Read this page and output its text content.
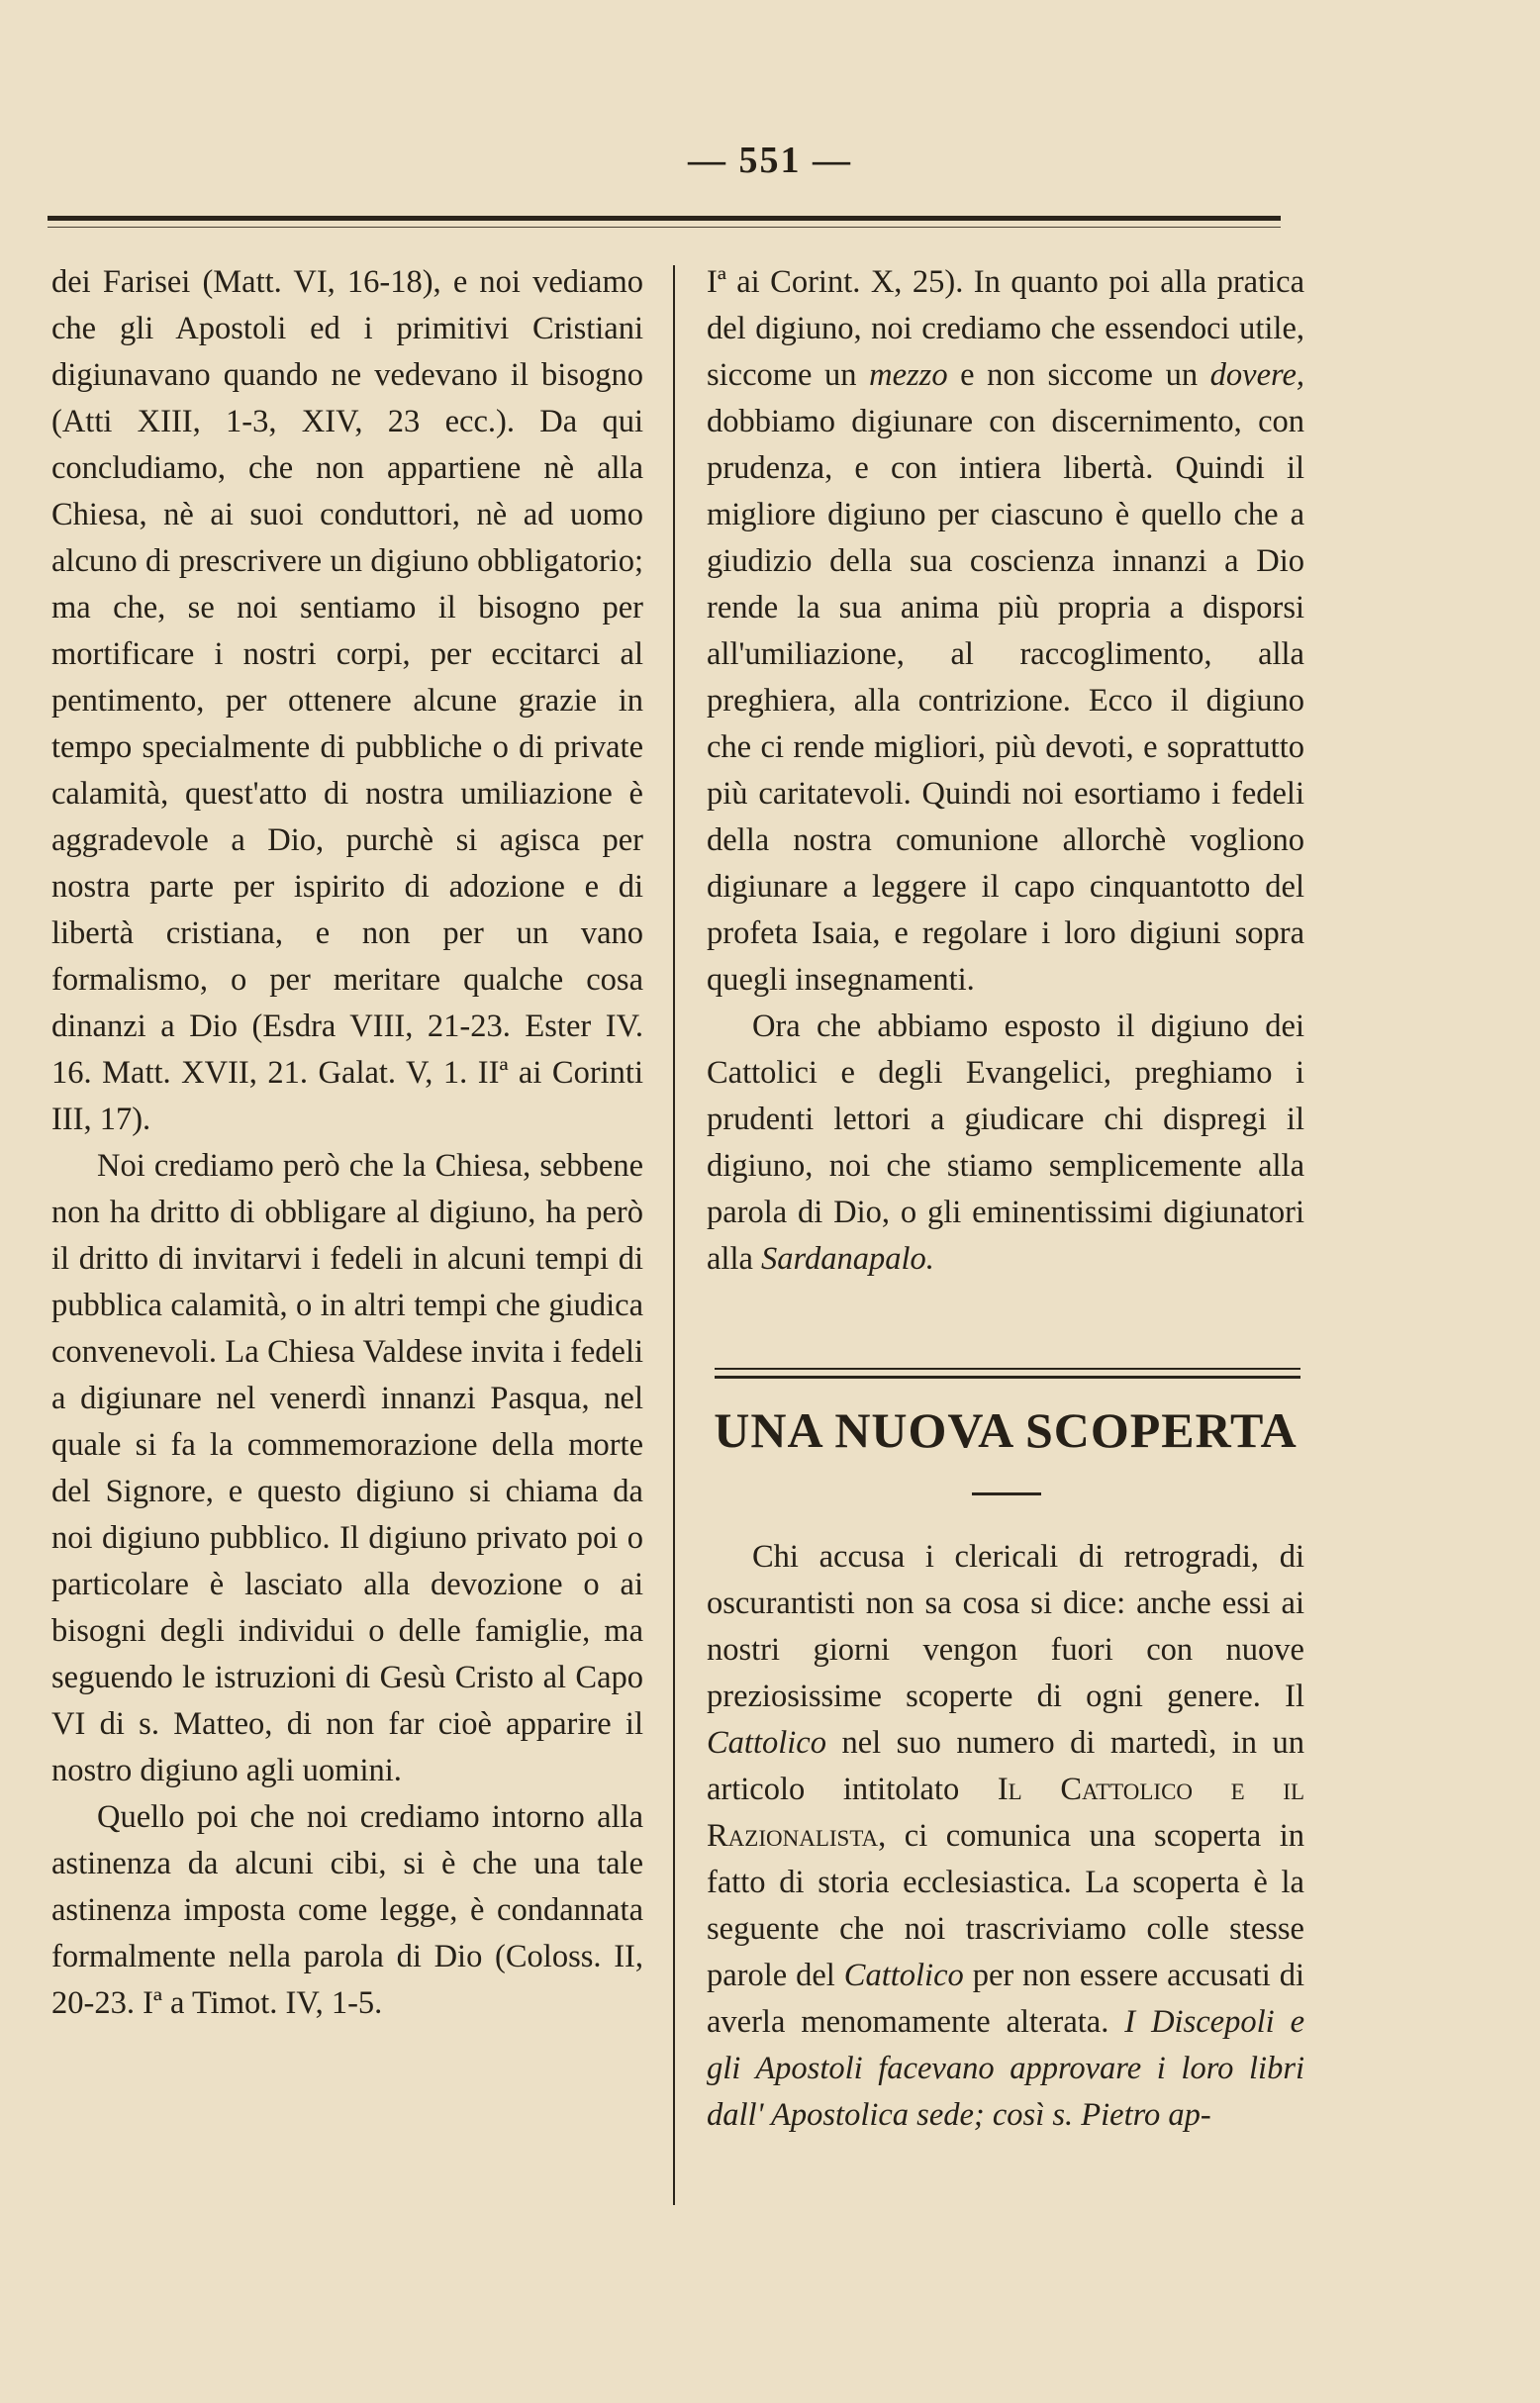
— 551 —

dei Farisei (Matt. VI, 16-18), e noi vediamo che gli Apostoli ed i primitivi Cristiani digiunavano quando ne vedevano il bisogno (Atti XIII, 1-3, XIV, 23 ecc.). Da qui concludiamo, che non appartiene nè alla Chiesa, nè ai suoi conduttori, nè ad uomo alcuno di prescrivere un digiuno obbligatorio; ma che, se noi sentiamo il bisogno per mortificare i nostri corpi, per eccitarci al pentimento, per ottenere alcune grazie in tempo specialmente di pubbliche o di private calamità, quest'atto di nostra umiliazione è aggradevole a Dio, purchè si agisca per nostra parte per ispirito di adozione e di libertà cristiana, e non per un vano formalismo, o per meritare qualche cosa dinanzi a Dio (Esdra VIII, 21-23. Ester IV. 16. Matt. XVII, 21. Galat. V, 1. IIª ai Corinti III, 17).

Noi crediamo però che la Chiesa, sebbene non ha dritto di obbligare al digiuno, ha però il dritto di invitarvi i fedeli in alcuni tempi di pubblica calamità, o in altri tempi che giudica convenevoli. La Chiesa Valdese invita i fedeli a digiunare nel venerdì innanzi Pasqua, nel quale si fa la commemorazione della morte del Signore, e questo digiuno si chiama da noi digiuno pubblico. Il digiuno privato poi o particolare è lasciato alla devozione o ai bisogni degli individui o delle famiglie, ma seguendo le istruzioni di Gesù Cristo al Capo VI di s. Matteo, di non far cioè apparire il nostro digiuno agli uomini.

Quello poi che noi crediamo intorno alla astinenza da alcuni cibi, si è che una tale astinenza imposta come legge, è condannata formalmente nella parola di Dio (Coloss. II, 20-23. Iª a Timot. IV, 1-5.

Iª ai Corint. X, 25). In quanto poi alla pratica del digiuno, noi crediamo che essendoci utile, siccome un mezzo e non siccome un dovere, dobbiamo digiunare con discernimento, con prudenza, e con intiera libertà. Quindi il migliore digiuno per ciascuno è quello che a giudizio della sua coscienza innanzi a Dio rende la sua anima più propria a disporsi all'umiliazione, al raccoglimento, alla preghiera, alla contrizione. Ecco il digiuno che ci rende migliori, più devoti, e soprattutto più caritatevoli. Quindi noi esortiamo i fedeli della nostra comunione allorchè vogliono digiunare a leggere il capo cinquantotto del profeta Isaia, e regolare i loro digiuni sopra quegli insegnamenti.

Ora che abbiamo esposto il digiuno dei Cattolici e degli Evangelici, preghiamo i prudenti lettori a giudicare chi dispregi il digiuno, noi che stiamo semplicemente alla parola di Dio, o gli eminentissimi digiunatori alla Sardanapalo.

UNA NUOVA SCOPERTA

Chi accusa i clericali di retrogradi, di oscurantisti non sa cosa si dice: anche essi ai nostri giorni vengon fuori con nuove preziosissime scoperte di ogni genere. Il Cattolico nel suo numero di martedì, in un articolo intitolato Il Cattolico e il Razionalista, ci comunica una scoperta in fatto di storia ecclesiastica. La scoperta è la seguente che noi trascriviamo colle stesse parole del Cattolico per non essere accusati di averla menomamente alterata. I Discepoli e gli Apostoli facevano approvare i loro libri dall' Apostolica sede; così s. Pietro ap-
